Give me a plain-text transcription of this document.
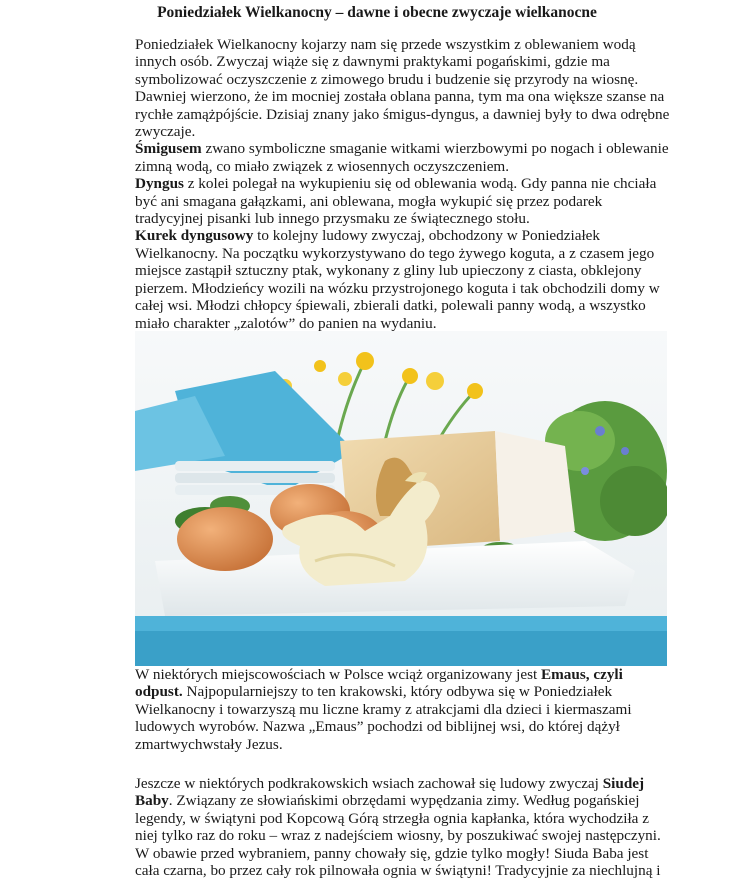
Poniedziałek Wielkanocny – dawne i obecne zwyczaje wielkanocne

Poniedziałek Wielkanocny kojarzy nam się przede wszystkim z oblewaniem wodą innych osób. Zwyczaj wiąże się z dawnymi praktykami pogańskimi, gdzie ma symbolizować oczyszczenie z zimowego brudu i budzenie się przyrody na wiosnę. Dawniej wierzono, że im mocniej została oblana panna, tym ma ona większe szanse na rychłe zamążpójście. Dzisiaj znany jako śmigus-dyngus, a dawniej były to dwa odrębne zwyczaje.

Śmigusem zwano symboliczne smaganie witkami wierzbowymi po nogach i oblewanie zimną wodą, co miało związek z wiosennych oczyszczeniem.

Dyngus z kolei polegał na wykupieniu się od oblewania wodą. Gdy panna nie chciała być ani smagana gałązkami, ani oblewana, mogła wykupić się przez podarek tradycyjnej pisanki lub innego przysmaku ze świątecznego stołu.

Kurek dyngusowy to kolejny ludowy zwyczaj, obchodzony w Poniedziałek Wielkanocny. Na początku wykorzystywano do tego żywego koguta, a z czasem jego miejsce zastąpił sztuczny ptak, wykonany z gliny lub upieczony z ciasta, obklejony pierzem. Młodzieńcy wozili na wózku przystrojonego koguta i tak obchodzili domy w całej wsi. Młodzi chłopcy śpiewali, zbierali datki, polewali panny wodą, a wszystko miało charakter „zalotów” do panien na wydaniu.

W niektórych miejscowościach w Polsce wciąż organizowany jest Emaus, czyli odpust. Najpopularniejszy to ten krakowski, który odbywa się w Poniedziałek Wielkanocny i towarzyszą mu liczne kramy z atrakcjami dla dzieci i kiermaszami ludowych wyrobów. Nazwa „Emaus” pochodzi od biblijnej wsi, do której dążył zmartwychwstały Jezus.

Jeszcze w niektórych podkrakowskich wsiach zachował się ludowy zwyczaj Siudej Baby. Związany ze słowiańskimi obrzędami wypędzania zimy. Według pogańskiej legendy, w świątyni pod Kopcową Górą strzegła ognia kapłanka, która wychodziła z niej tylko raz do roku – wraz z nadejściem wiosny, by poszukiwać swojej następczyni. W obawie przed wybraniem, panny chowały się, gdzie tylko mogły! Siuda Baba jest cała czarna, bo przez cały rok pilnowała ognia w świątyni! Tradycyjnie za niechlujną i
